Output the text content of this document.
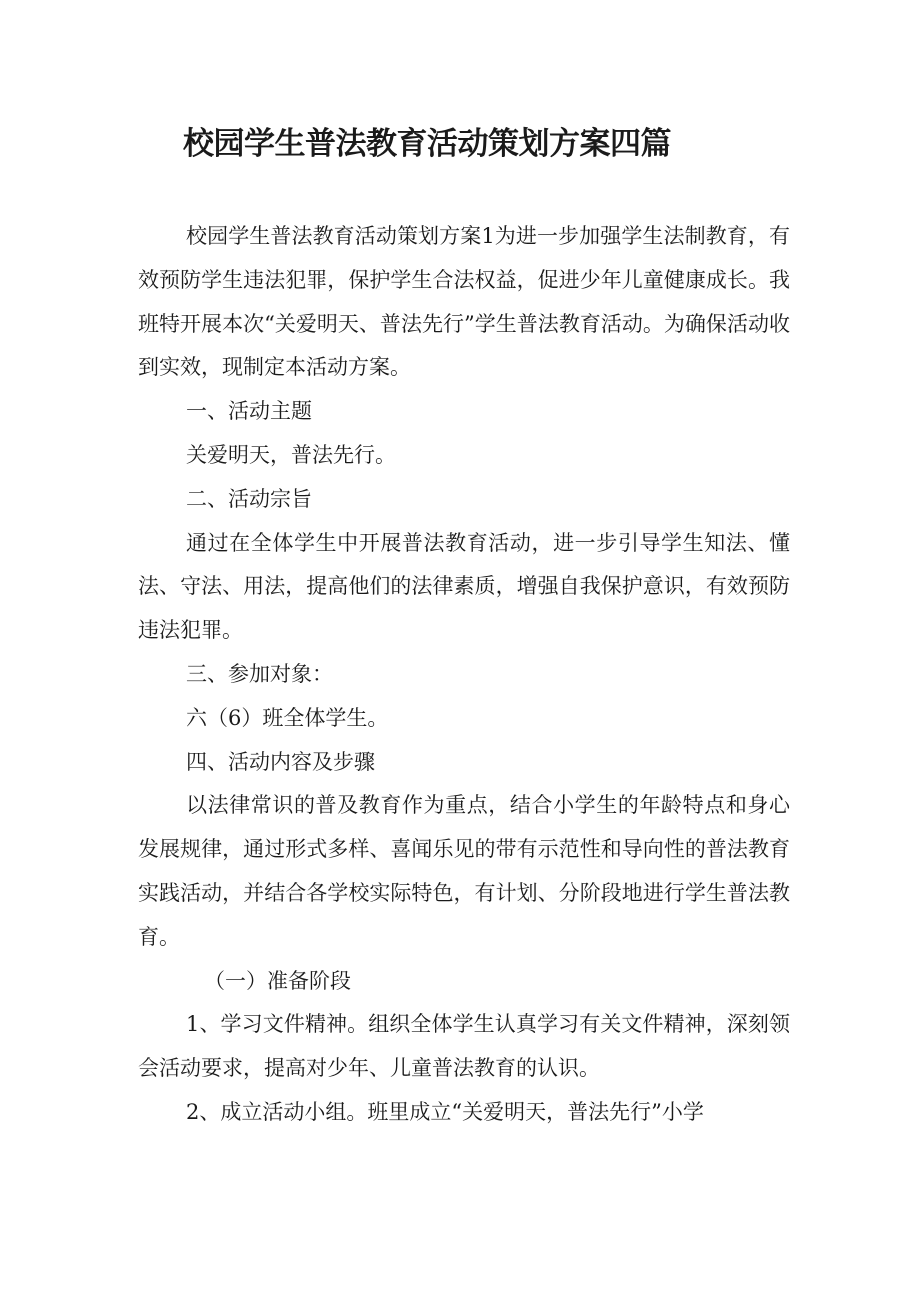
校园学生普法教育活动策划方案四篇

校园学生普法教育活动策划方案1为进一步加强学生法制教育，有效预防学生违法犯罪，保护学生合法权益，促进少年儿童健康成长。我班特开展本次“关爱明天、普法先行”学生普法教育活动。为确保活动收到实效，现制定本活动方案。

一、活动主题

关爱明天，普法先行。

二、活动宗旨

通过在全体学生中开展普法教育活动，进一步引导学生知法、懂法、守法、用法，提高他们的法律素质，增强自我保护意识，有效预防违法犯罪。

三、参加对象：

六（6）班全体学生。

四、活动内容及步骤

以法律常识的普及教育作为重点，结合小学生的年龄特点和身心发展规律，通过形式多样、喜闻乐见的带有示范性和导向性的普法教育实践活动，并结合各学校实际特色，有计划、分阶段地进行学生普法教育。

（一）准备阶段

1、学习文件精神。组织全体学生认真学习有关文件精神，深刻领会活动要求，提高对少年、儿童普法教育的认识。

2、成立活动小组。班里成立“关爱明天，普法先行”小学
